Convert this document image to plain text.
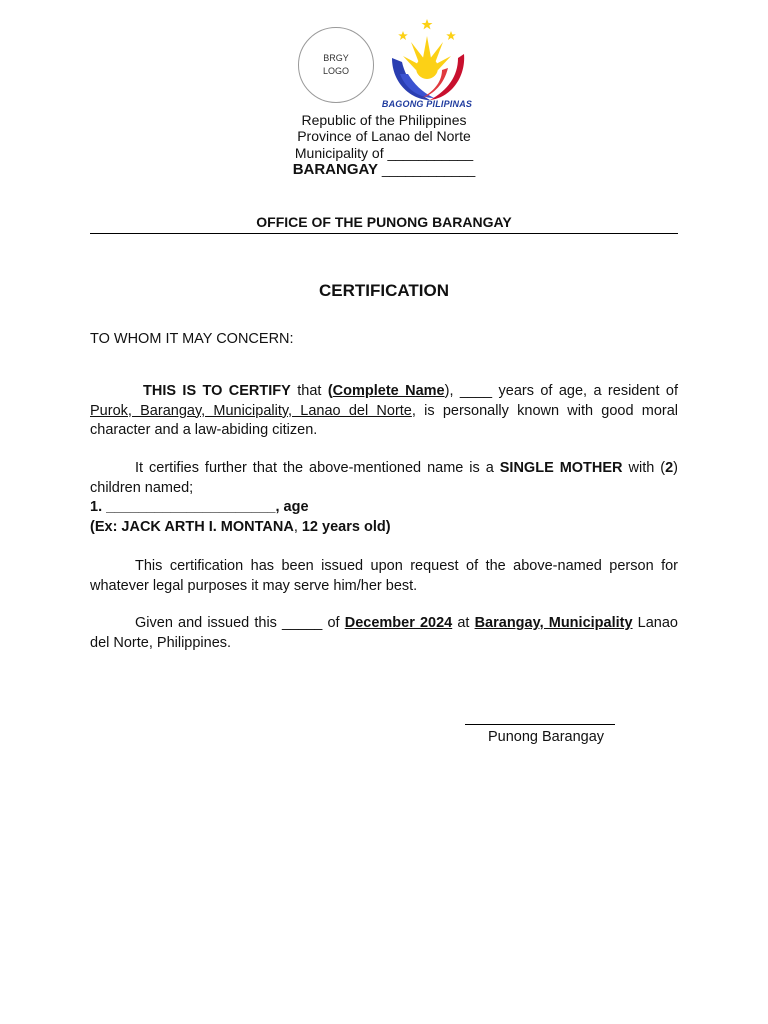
BRGY
LOGO
BAGONG PILIPINAS
Republic of the Philippines
Province of Lanao del Norte
Municipality of ___________
BARANGAY ____________
OFFICE OF THE PUNONG BARANGAY
CERTIFICATION
TO WHOM IT MAY CONCERN:
THIS IS TO CERTIFY that (Complete Name), ____ years of age, a resident of Purok, Barangay, Municipality, Lanao del Norte, is personally known with good moral character and a law-abiding citizen.
It certifies further that the above-mentioned name is a SINGLE MOTHER with (2) children named;
1. _____________________, age
(Ex: JACK ARTH I. MONTANA, 12 years old)
This certification has been issued upon request of the above-named person for whatever legal purposes it may serve him/her best.
Given and issued this _____ of December 2024 at Barangay, Municipality Lanao del Norte, Philippines.
Punong Barangay
